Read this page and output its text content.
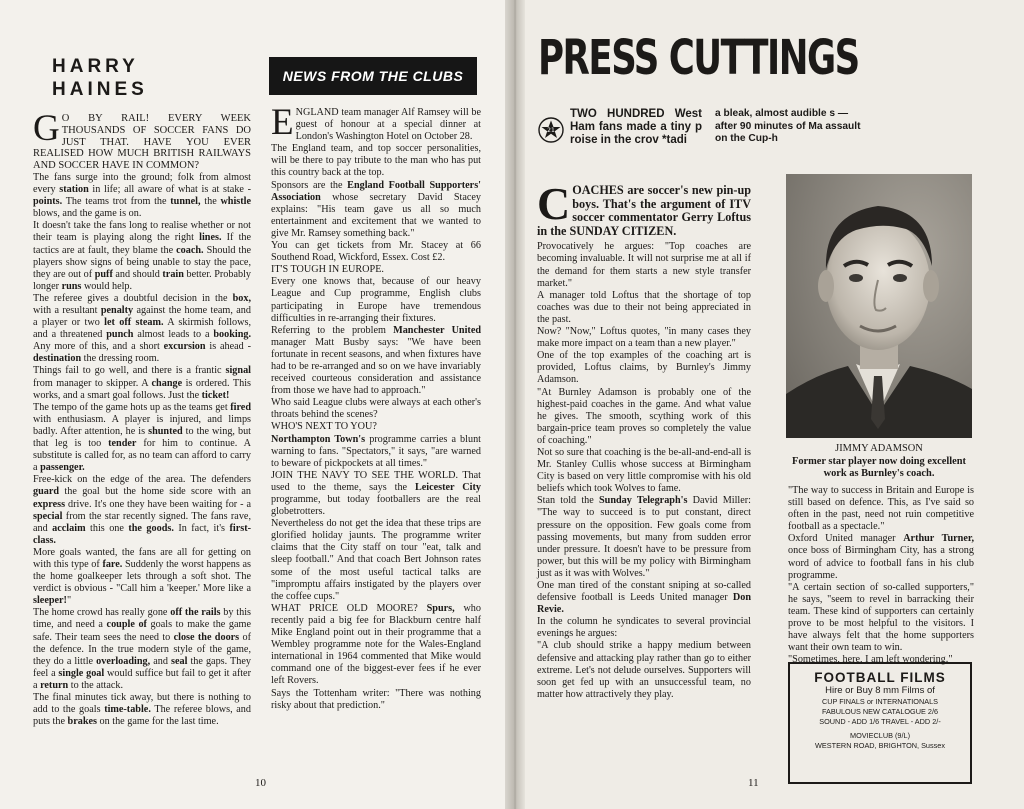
HARRY
HAINES

G O BY RAIL! EVERY WEEK THOUSANDS OF SOCCER FANS DO JUST THAT. HAVE YOU EVER REALISED HOW MUCH BRITISH RAILWAYS AND SOCCER HAVE IN COMMON?

The fans surge into the ground; folk from almost every station in life; all aware of what is at stake - points. The teams trot from the tunnel, the whistle blows, and the game is on.

It doesn't take the fans long to realise whether or not their team is playing along the right lines. If the tactics are at fault, they blame the coach. Should the players show signs of being unable to stay the pace, they are out of puff and should train better. Probably longer runs would help.

The referee gives a doubtful decision in the box, with a resultant penalty against the home team, and a player or two let off steam. A skirmish follows, and a threatened punch almost leads to a booking. Any more of this, and a short excursion is ahead - destination the dressing room.

Things fail to go well, and there is a frantic signal from manager to skipper. A change is ordered. This works, and a smart goal follows. Just the ticket!

The tempo of the game hots up as the teams get fired with enthusiasm. A player is injured, and limps badly. After attention, he is shunted to the wing, but that leg is too tender for him to continue. A substitute is called for, as no team can afford to carry a passenger.

Free-kick on the edge of the area. The defenders guard the goal but the home side score with an express drive. It's one they have been waiting for - a special from the star recently signed. The fans rave, and acclaim this one the goods. In fact, it's first-class.

More goals wanted, the fans are all for getting on with this type of fare. Suddenly the worst happens as the home goalkeeper lets through a soft shot. The verdict is obvious - "Call him a 'keeper.' More like a sleeper!"

The home crowd has really gone off the rails by this time, and need a couple of goals to make the game safe. Their team sees the need to close the doors of the defence. In the true modern style of the game, they do a little overloading, and seal the gaps. They feel a single goal would suffice but fail to get it after a return to the attack.

The final minutes tick away, but there is nothing to add to the goals time-table. The referee blows, and puts the brakes on the game for the last time.

NEWS FROM THE CLUBS

ENGLAND team manager Alf Ramsey will be guest of honour at a special dinner at London's Washington Hotel on October 28.

The England team, and top soccer personalities, will be there to pay tribute to the man who has put this country back at the top.

Sponsors are the England Football Supporters' Association whose secretary David Stacey explains: "His team gave us all so much entertainment and excitement that we wanted to give Mr. Ramsey something back."

You can get tickets from Mr. Stacey at 66 Southend Road, Wickford, Essex. Cost £2.

IT'S TOUGH IN EUROPE.

Every one knows that, because of our heavy League and Cup programme, English clubs participating in Europe have tremendous difficulties in re-arranging their fixtures.

Referring to the problem Manchester United manager Matt Busby says: "We have been fortunate in recent seasons, and when fixtures have had to be re-arranged and so on we have invariably received courteous consideration and assistance from those we have had to approach."

Who said League clubs were always at each other's throats behind the scenes?

WHO'S NEXT TO YOU?

Northampton Town's programme carries a blunt warning to fans. "Spectators," it says, "are warned to beware of pickpockets at all times."

JOIN THE NAVY TO SEE THE WORLD. That used to the theme, says the Leicester City programme, but today footballers are the real globetrotters.

Nevertheless do not get the idea that these trips are glorified holiday jaunts. The programme writer claims that the City staff on tour "eat, talk and sleep football." And that coach Bert Johnson rates some of the most useful tactical talks are "impromptu affairs instigated by the players over the coffee cups."

WHAT PRICE OLD MOORE? Spurs, who recently paid a big fee for Blackburn centre half Mike England point out in their programme that a Wembley programme note for the Wales-England international in 1964 commented that Mike would command one of the biggest-ever fees if he ever left Rovers.

Says the Tottenham writer: "There was nothing risky about that prediction."

10
PRESS CUTTINGS
21
TWO HUNDRED West Ham fans made a tiny p roise in the crov *tadi
a bleak, almost audible s —after 90 minutes of Ma assault on the Cup-h

COACHES are soccer's new pin-up boys. That's the argument of ITV soccer commentator Gerry Loftus in the SUNDAY CITIZEN.

Provocatively he argues: "Top coaches are becoming invaluable. It will not surprise me at all if the demand for them starts a new style transfer market."

A manager told Loftus that the shortage of top coaches was due to their not being appreciated in the past.

Now? "Now," Loftus quotes, "in many cases they make more impact on a team than a new player."

One of the top examples of the coaching art is provided, Loftus claims, by Burnley's Jimmy Adamson.

"At Burnley Adamson is probably one of the highest-paid coaches in the game. And what value he gives. The smooth, scything work of this bargain-price team proves so completely the value of coaching."

Not so sure that coaching is the be-all-and-end-all is Mr. Stanley Cullis whose success at Birmingham City is based on very little compromise with his old beliefs which took Wolves to fame.

Stan told the Sunday Telegraph's David Miller: "The way to succeed is to put constant, direct pressure on the opposition. Few goals come from passing movements, but many from sudden error under pressure. It doesn't have to be pressure from power, but this will be my policy with Birmingham just as it was with Wolves."

One man tired of the constant sniping at so-called defensive football is Leeds United manager Don Revie.

In the column he syndicates to several provincial evenings he argues:

"A club should strike a happy medium between defensive and attacking play rather than go to either extreme. Let's not delude ourselves. Supporters will soon get fed up with an unsuccessful team, no matter how attractively they play.

JIMMY ADAMSON
Former star player now doing excellent work as Burnley's coach.

"The way to success in Britain and Europe is still based on defence. This, as I've said so often in the past, need not ruin competitive football as a spectacle."

Oxford United manager Arthur Turner, once boss of Birmingham City, has a strong word of advice to football fans in his club programme.

"A certain section of so-called supporters," he says, "seem to revel in barracking their team. These kind of supporters can certainly prove to be most helpful to the visitors. I have always felt that the home supporters want their own team to win.

"Sometimes, here, I am left wondering."

FOOTBALL FILMS
Hire or Buy 8 mm Films of
CUP FINALS or INTERNATIONALS
FABULOUS NEW CATALOGUE 2/6
SOUND - ADD 1/6 TRAVEL - ADD 2/-
MOVIECLUB (9/L)
WESTERN ROAD, BRIGHTON, Sussex
11
